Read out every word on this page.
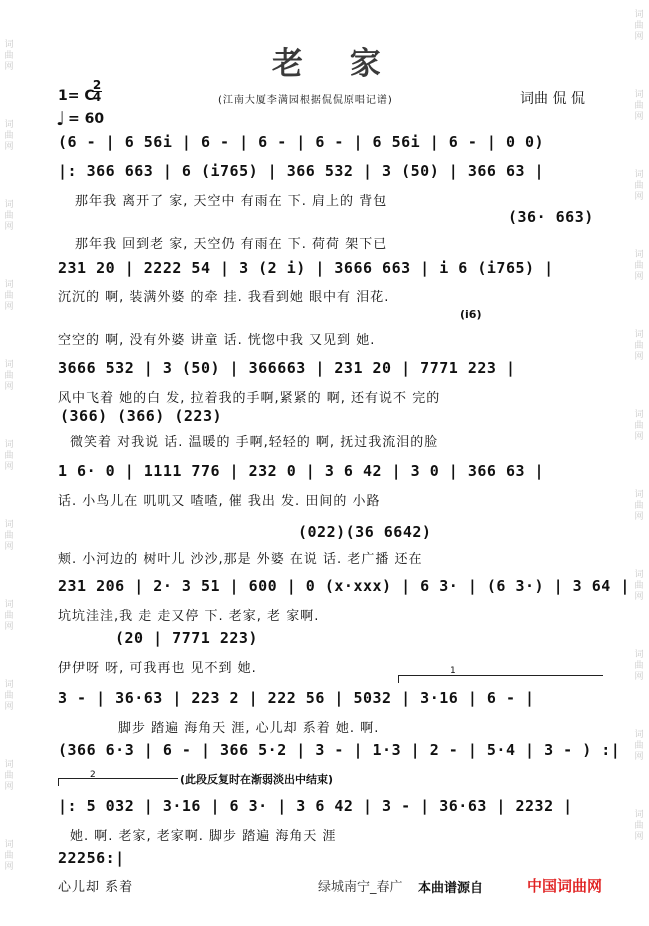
词曲网
词曲网
词曲网
词曲网
词曲网
词曲网
词曲网
词曲网
词曲网
词曲网
词曲网
词曲网
词曲网
词曲网
词曲网
词曲网
词曲网
词曲网
词曲网
词曲网
词曲网
词曲网
老 家
1= C
2
4	(江南大厦李满园根据侃侃原唱记谱)	词曲 侃 侃
♩ = 60
(6 - | 6 56i | 6 - | 6 - | 6 - | 6 56i | 6 - | 0 0)
|: 366 663 | 6 (i765) | 366 532 | 3 (50) | 366 63 |
那年我 离开了 家, 天空中 有雨在 下. 肩上的 背包
(36· 663)
那年我 回到老 家, 天空仍 有雨在 下. 荷荷 架下已
231 20 | 2222 54 | 3 (2 i) | 3666 663 | i 6 (i765) |
沉沉的 啊, 装满外婆 的牵 挂. 我看到她 眼中有 泪花.
空空的 啊, 没有外婆 讲童 话. 恍惚中我 又见到 她.
(i6)
3666 532 | 3 (50) | 366663 | 231 20 | 7771 223 |
风中飞着 她的白 发, 拉着我的手啊,紧紧的 啊, 还有说不 完的
(366) (366) (223)
微笑着 对我说 话. 温暖的 手啊,轻轻的 啊, 抚过我流泪的脸
1 6· 0 | 1111 776 | 232 0 | 3 6 42 | 3 0 | 366 63 |
话. 小鸟儿在 叽叽又 喳喳, 催 我出 发. 田间的 小路
(022)(36 6642)
颊. 小河边的 树叶儿 沙沙,那是 外婆 在说 话. 老广播 还在
231 206 | 2· 3 51 | 600 | 0 (x·xxx) | 6 3· | (6 3·) | 3 64 |
坑坑洼洼,我 走 走又停 下. 老家, 老 家啊.
(20 | 7771 223)
伊伊呀 呀, 可我再也 见不到 她.	1
3 - | 36·63 | 223 2 | 222 56 | 5032 | 3·16 | 6 - |
脚步 踏遍 海角天 涯, 心儿却 系着 她. 啊.
(366 6·3 | 6 - | 366 5·2 | 3 - | 1·3 | 2 - | 5·4 | 3 - ) :|
2	(此段反复时在渐弱淡出中结束)
|: 5 032 | 3·16 | 6 3· | 3 6 42 | 3 - | 36·63 | 2232 |
她. 啊. 老家, 老家啊. 脚步 踏遍 海角天 涯
22256:|
心儿却 系着	绿城南宁_春广 本曲谱源自	中国词曲网
